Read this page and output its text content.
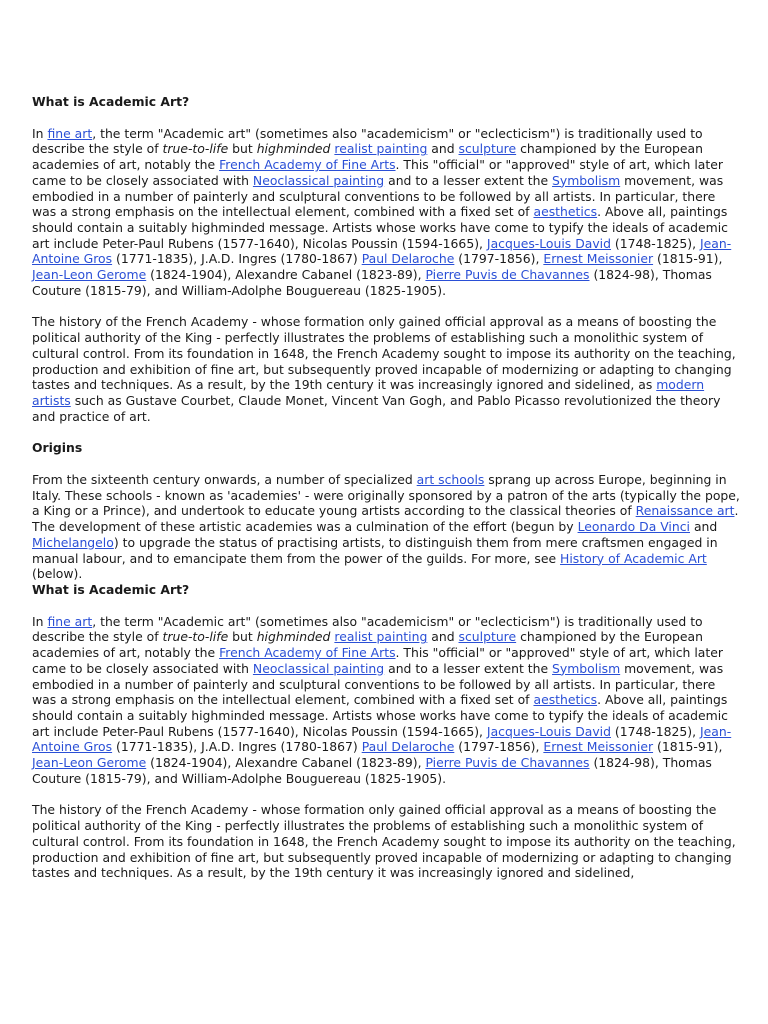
What is Academic Art?

In fine art, the term "Academic art" (sometimes also "academicism" or "eclecticism") is traditionally used to describe the style of true-to-life but highminded realist painting and sculpture championed by the European academies of art, notably the French Academy of Fine Arts. This "official" or "approved" style of art, which later came to be closely associated with Neoclassical painting and to a lesser extent the Symbolism movement, was embodied in a number of painterly and sculptural conventions to be followed by all artists. In particular, there was a strong emphasis on the intellectual element, combined with a fixed set of aesthetics. Above all, paintings should contain a suitably highminded message. Artists whose works have come to typify the ideals of academic art include Peter-Paul Rubens (1577-1640), Nicolas Poussin (1594-1665), Jacques-Louis David (1748-1825), Jean-Antoine Gros (1771-1835), J.A.D. Ingres (1780-1867) Paul Delaroche (1797-1856), Ernest Meissonier (1815-91), Jean-Leon Gerome (1824-1904), Alexandre Cabanel (1823-89), Pierre Puvis de Chavannes (1824-98), Thomas Couture (1815-79), and William-Adolphe Bouguereau (1825-1905).

The history of the French Academy - whose formation only gained official approval as a means of boosting the political authority of the King - perfectly illustrates the problems of establishing such a monolithic system of cultural control. From its foundation in 1648, the French Academy sought to impose its authority on the teaching, production and exhibition of fine art, but subsequently proved incapable of modernizing or adapting to changing tastes and techniques. As a result, by the 19th century it was increasingly ignored and sidelined, as modern artists such as Gustave Courbet, Claude Monet, Vincent Van Gogh, and Pablo Picasso revolutionized the theory and practice of art.

Origins

From the sixteenth century onwards, a number of specialized art schools sprang up across Europe, beginning in Italy. These schools - known as 'academies' - were originally sponsored by a patron of the arts (typically the pope, a King or a Prince), and undertook to educate young artists according to the classical theories of Renaissance art. The development of these artistic academies was a culmination of the effort (begun by Leonardo Da Vinci and Michelangelo) to upgrade the status of practising artists, to distinguish them from mere craftsmen engaged in manual labour, and to emancipate them from the power of the guilds. For more, see History of Academic Art (below).

What is Academic Art?

In fine art, the term "Academic art" (sometimes also "academicism" or "eclecticism") is traditionally used to describe the style of true-to-life but highminded realist painting and sculpture championed by the European academies of art, notably the French Academy of Fine Arts. This "official" or "approved" style of art, which later came to be closely associated with Neoclassical painting and to a lesser extent the Symbolism movement, was embodied in a number of painterly and sculptural conventions to be followed by all artists. In particular, there was a strong emphasis on the intellectual element, combined with a fixed set of aesthetics. Above all, paintings should contain a suitably highminded message. Artists whose works have come to typify the ideals of academic art include Peter-Paul Rubens (1577-1640), Nicolas Poussin (1594-1665), Jacques-Louis David (1748-1825), Jean-Antoine Gros (1771-1835), J.A.D. Ingres (1780-1867) Paul Delaroche (1797-1856), Ernest Meissonier (1815-91), Jean-Leon Gerome (1824-1904), Alexandre Cabanel (1823-89), Pierre Puvis de Chavannes (1824-98), Thomas Couture (1815-79), and William-Adolphe Bouguereau (1825-1905).

The history of the French Academy - whose formation only gained official approval as a means of boosting the political authority of the King - perfectly illustrates the problems of establishing such a monolithic system of cultural control. From its foundation in 1648, the French Academy sought to impose its authority on the teaching, production and exhibition of fine art, but subsequently proved incapable of modernizing or adapting to changing tastes and techniques. As a result, by the 19th century it was increasingly ignored and sidelined,
